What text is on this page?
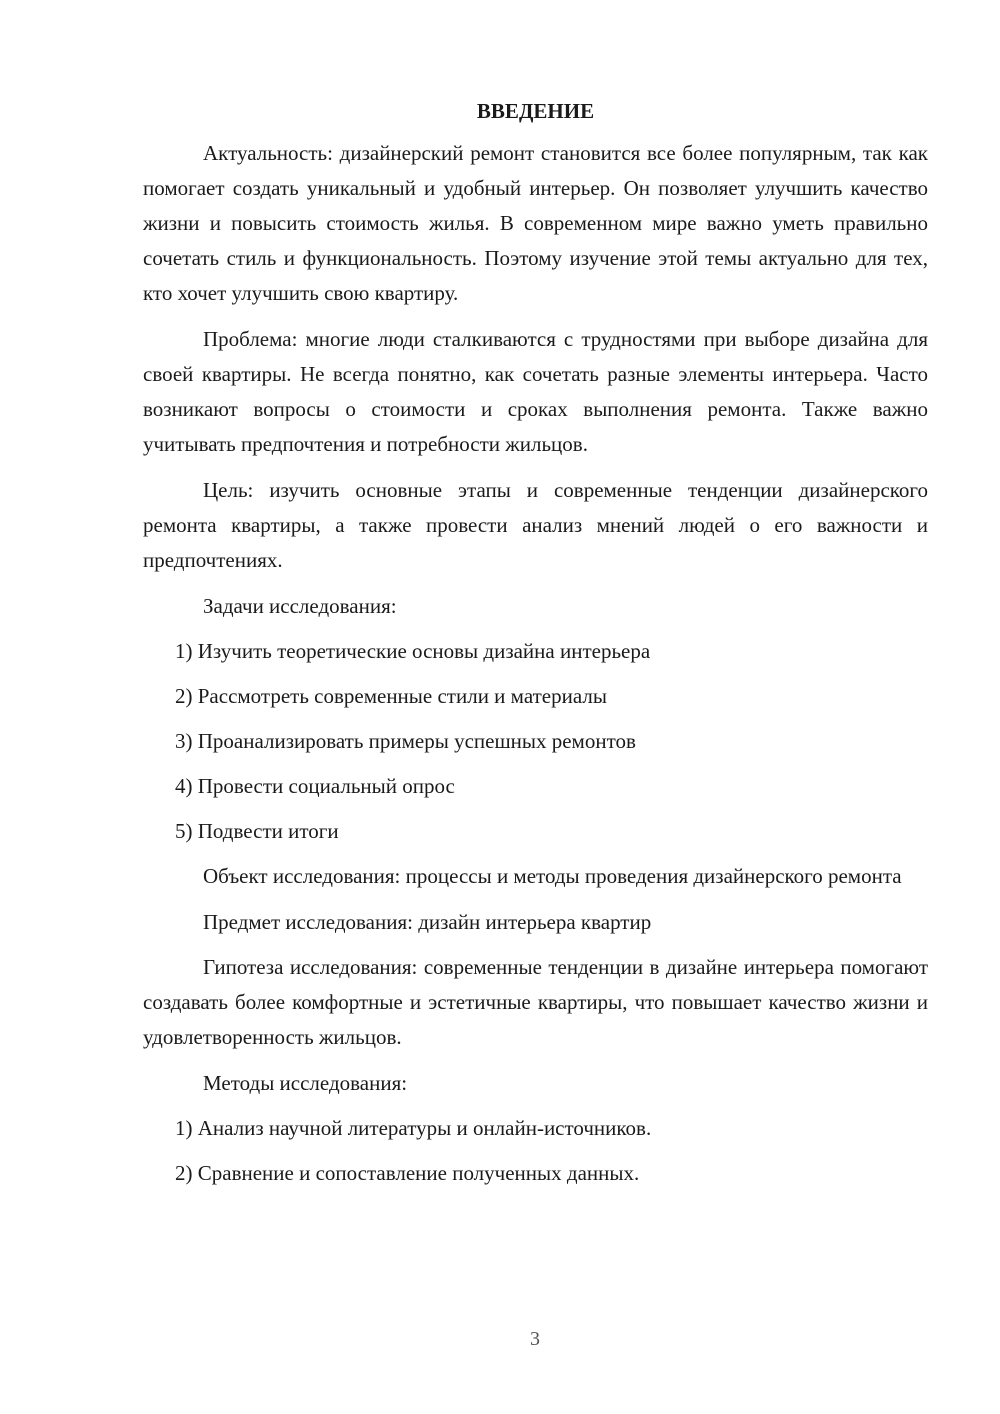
ВВЕДЕНИЕ

Актуальность: дизайнерский ремонт становится все более популярным, так как помогает создать уникальный и удобный интерьер. Он позволяет улучшить качество жизни и повысить стоимость жилья. В современном мире важно уметь правильно сочетать стиль и функциональность. Поэтому изучение этой темы актуально для тех, кто хочет улучшить свою квартиру.

Проблема: многие люди сталкиваются с трудностями при выборе дизайна для своей квартиры. Не всегда понятно, как сочетать разные элементы интерьера. Часто возникают вопросы о стоимости и сроках выполнения ремонта. Также важно учитывать предпочтения и потребности жильцов.

Цель: изучить основные этапы и современные тенденции дизайнерского ремонта квартиры, а также провести анализ мнений людей о его важности и предпочтениях.

Задачи исследования:
1) Изучить теоретические основы дизайна интерьера
2) Рассмотреть современные стили и материалы
3) Проанализировать примеры успешных ремонтов
4) Провести социальный опрос
5) Подвести итоги

Объект исследования: процессы и методы проведения дизайнерского ремонта

Предмет исследования: дизайн интерьера квартир

Гипотеза исследования: современные тенденции в дизайне интерьера помогают создавать более комфортные и эстетичные квартиры, что повышает качество жизни и удовлетворенность жильцов.

Методы исследования:
1) Анализ научной литературы и онлайн-источников.
2) Сравнение и сопоставление полученных данных.
3
